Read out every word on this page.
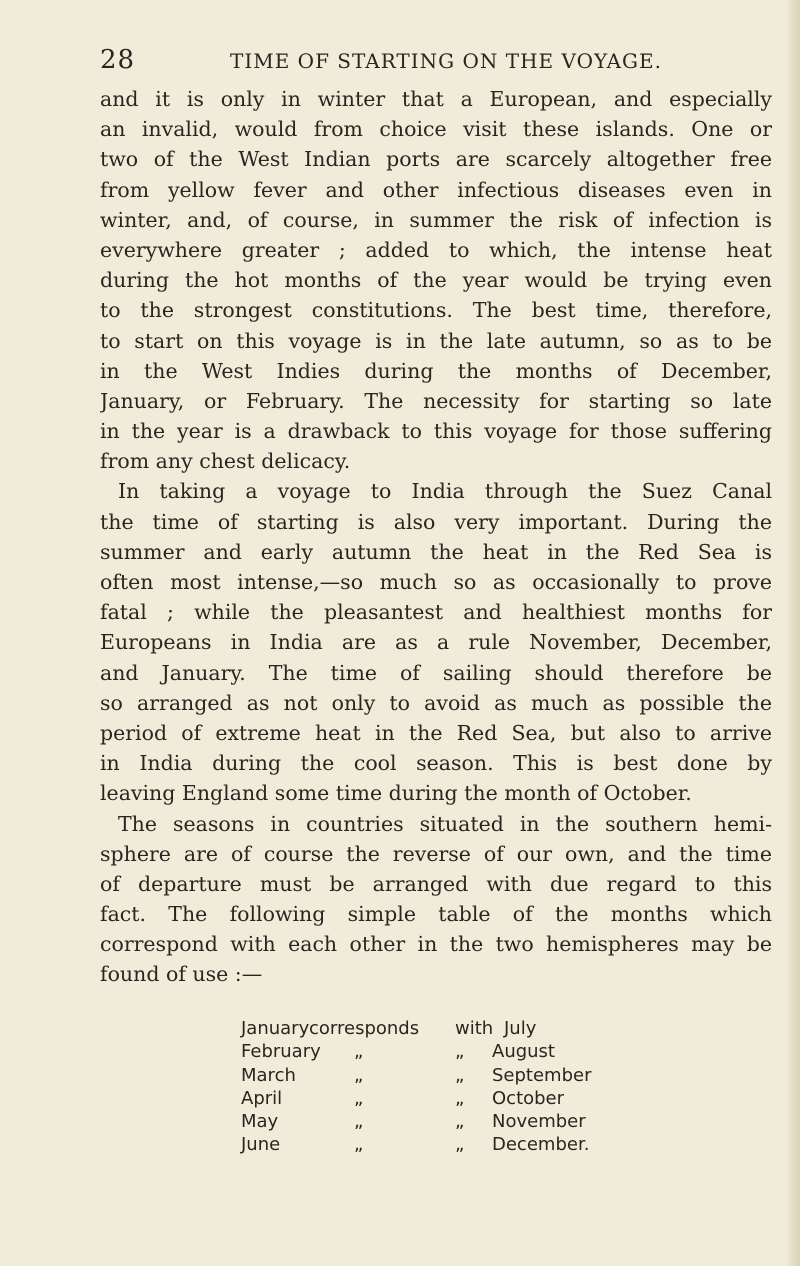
28	TIME OF STARTING ON THE VOYAGE.
and it is only in winter that a European, and especially
an invalid, would from choice visit these islands. One or
two of the West Indian ports are scarcely altogether free
from yellow fever and other infectious diseases even in
winter, and, of course, in summer the risk of infection is
everywhere greater ; added to which, the intense heat
during the hot months of the year would be trying even
to the strongest constitutions. The best time, therefore,
to start on this voyage is in the late autumn, so as to be
in the West Indies during the months of December,
January, or February. The necessity for starting so late
in the year is a drawback to this voyage for those suffering
from any chest delicacy.
In taking a voyage to India through the Suez Canal
the time of starting is also very important. During the
summer and early autumn the heat in the Red Sea is
often most intense,—so much so as occasionally to prove
fatal ; while the pleasantest and healthiest months for
Europeans in India are as a rule November, December,
and January. The time of sailing should therefore be
so arranged as not only to avoid as much as possible the
period of extreme heat in the Red Sea, but also to arrive
in India during the cool season. This is best done by
leaving England some time during the month of October.
The seasons in countries situated in the southern hemi-
sphere are of course the reverse of our own, and the time
of departure must be arranged with due regard to this
fact. The following simple table of the months which
correspond with each other in the two hemispheres may be
found of use :—
January corresponds with July
February „	„ August
March	„	„ September
April	„	„ October
May	„	„ November
June	„	„ December.
